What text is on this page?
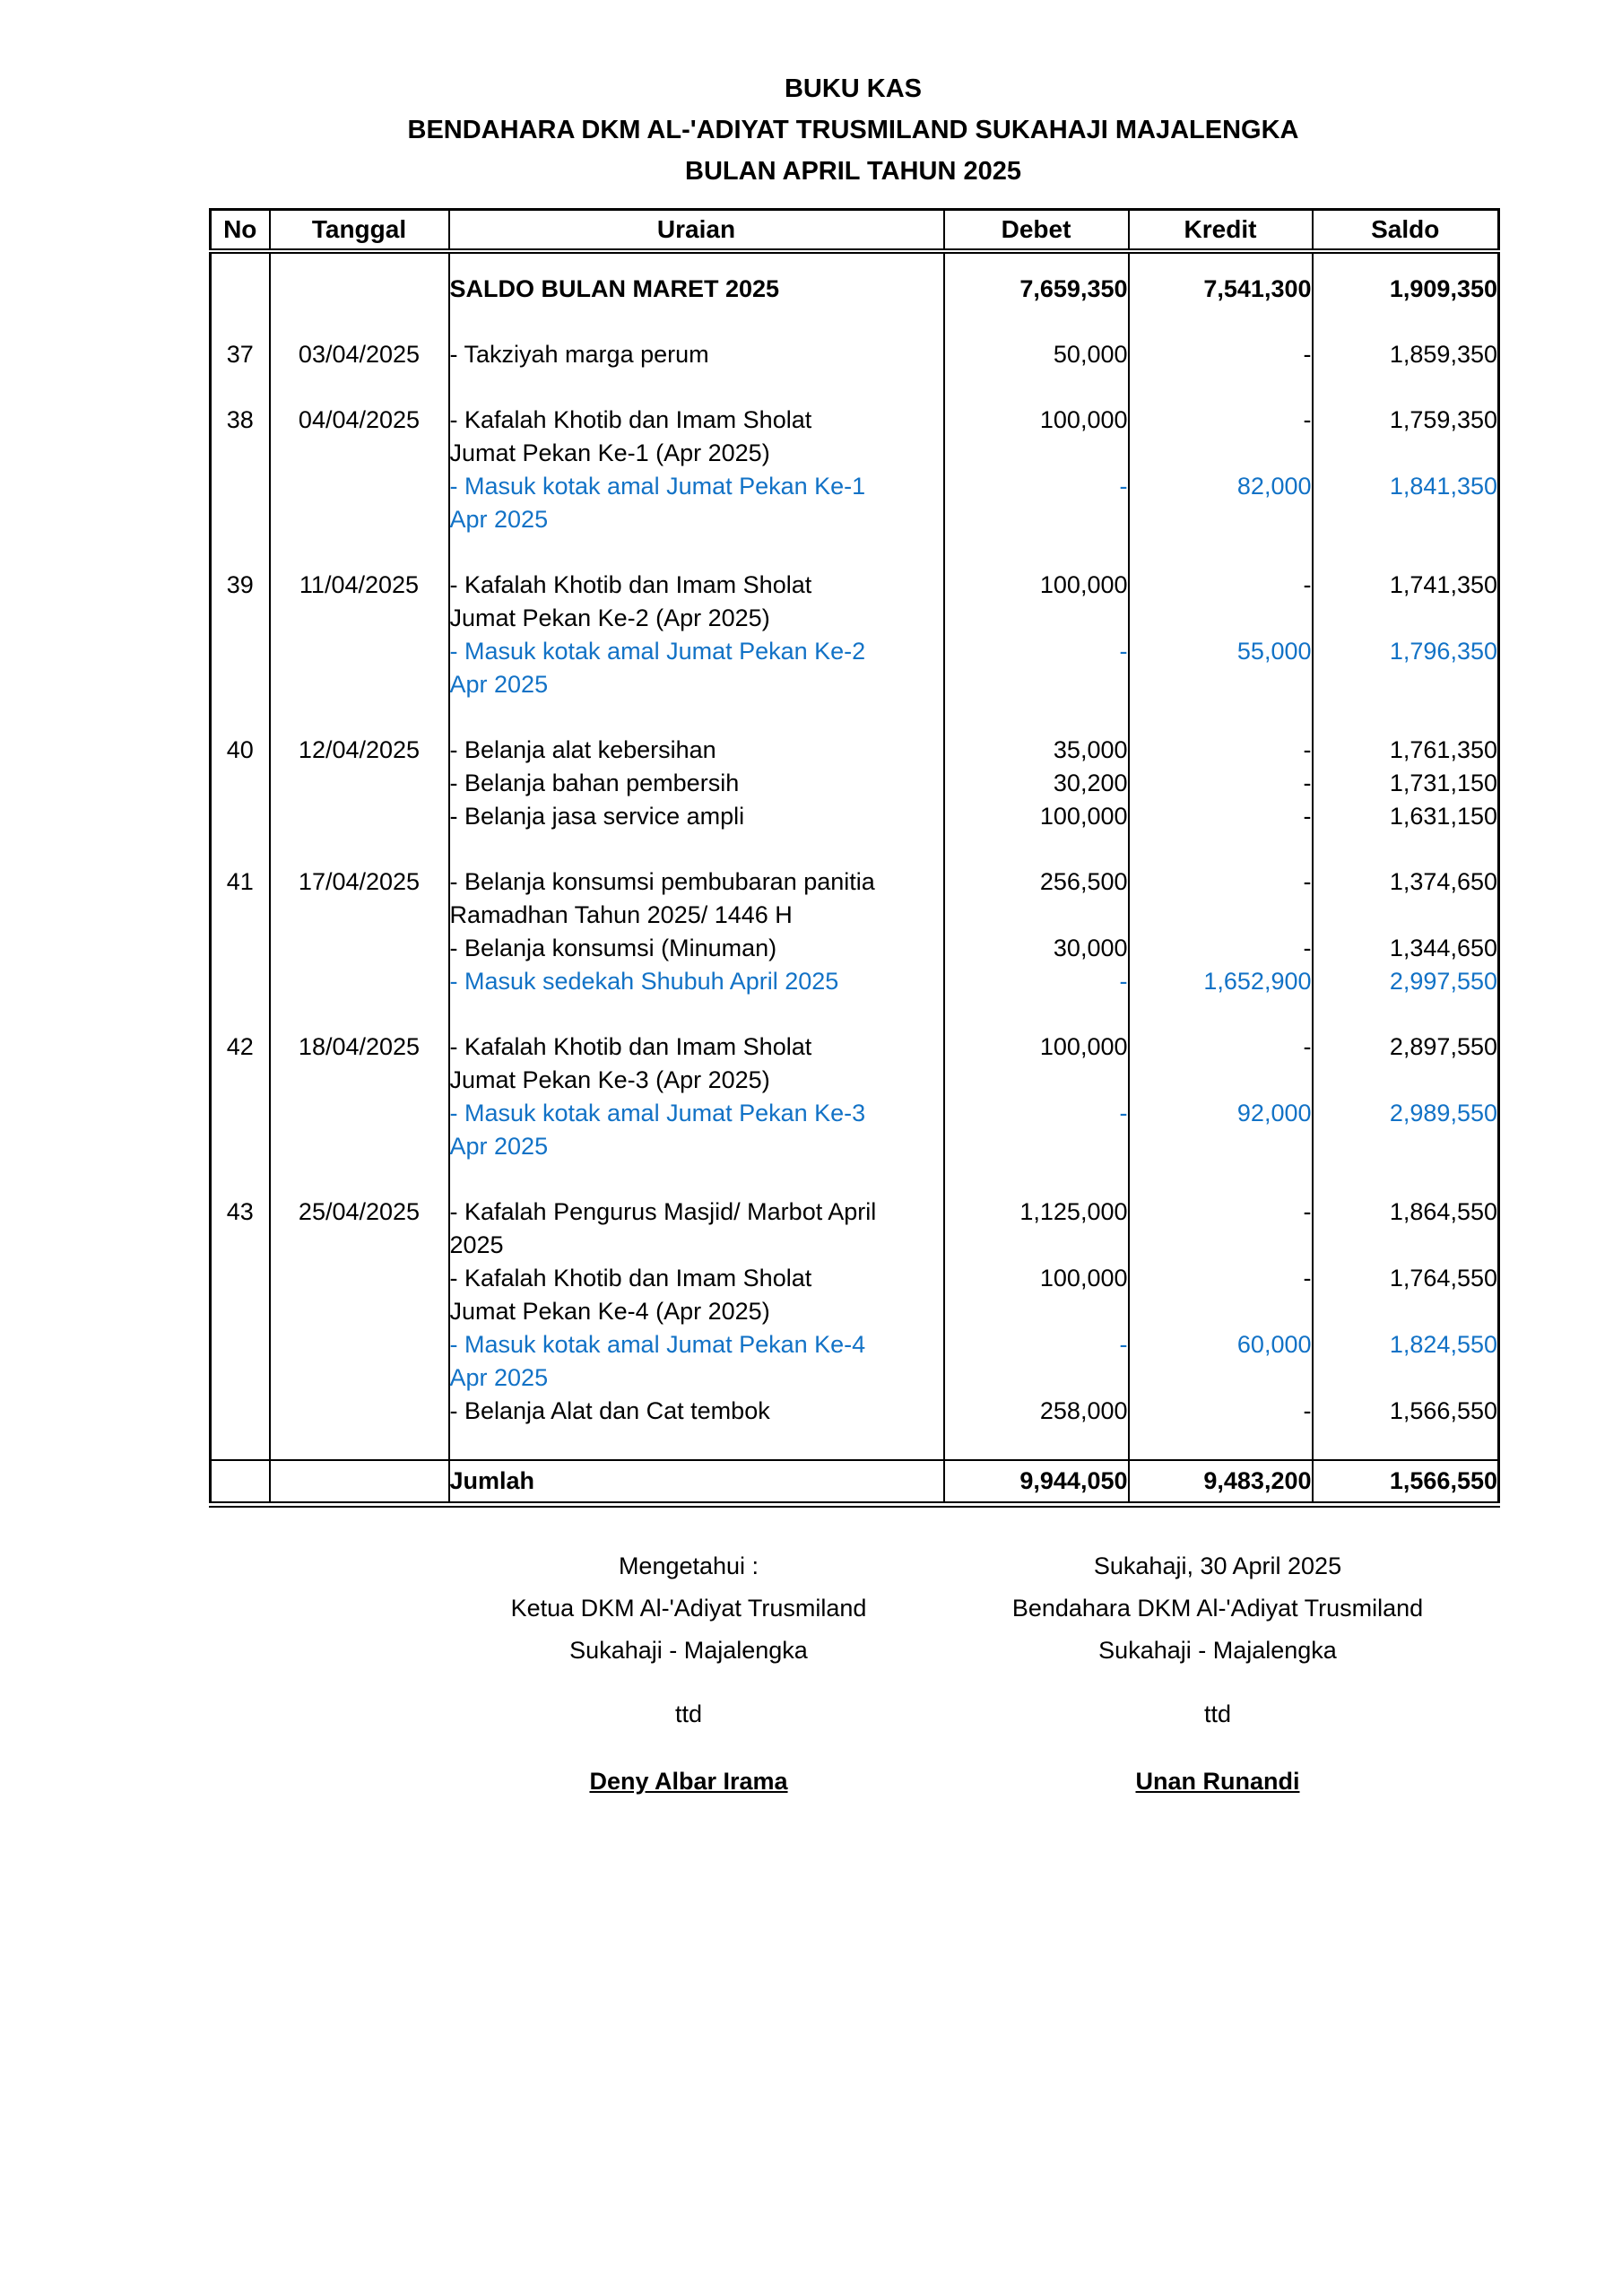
BUKU KAS
BENDAHARA DKM AL-'ADIYAT TRUSMILAND SUKAHAJI MAJALENGKA
BULAN APRIL TAHUN 2025
No	Tanggal	Uraian	Debet	Kredit	Saldo

		SALDO BULAN MARET 2025	7,659,350	7,541,300	1,909,350

37	03/04/2025	- Takziyah marga perum	50,000	-	1,859,350

38	04/04/2025	- Kafalah Khotib dan Imam Sholat
Jumat Pekan Ke-1 (Apr 2025)	100,000	-	1,759,350
		- Masuk kotak amal Jumat Pekan Ke-1
Apr 2025	-	82,000	1,841,350

39	11/04/2025	- Kafalah Khotib dan Imam Sholat
Jumat Pekan Ke-2 (Apr 2025)	100,000	-	1,741,350
		- Masuk kotak amal Jumat Pekan Ke-2
Apr 2025	-	55,000	1,796,350

40	12/04/2025	- Belanja alat kebersihan	35,000	-	1,761,350
		- Belanja bahan pembersih	30,200	-	1,731,150
		- Belanja jasa service ampli	100,000	-	1,631,150

41	17/04/2025	- Belanja konsumsi pembubaran panitia
Ramadhan Tahun 2025/ 1446 H	256,500	-	1,374,650
		- Belanja konsumsi (Minuman)	30,000	-	1,344,650
		- Masuk sedekah Shubuh April 2025	-	1,652,900	2,997,550

42	18/04/2025	- Kafalah Khotib dan Imam Sholat
Jumat Pekan Ke-3 (Apr 2025)	100,000	-	2,897,550
		- Masuk kotak amal Jumat Pekan Ke-3
Apr 2025	-	92,000	2,989,550

43	25/04/2025	- Kafalah Pengurus Masjid/ Marbot April
2025	1,125,000	-	1,864,550
		- Kafalah Khotib dan Imam Sholat
Jumat Pekan Ke-4 (Apr 2025)	100,000	-	1,764,550
		- Masuk kotak amal Jumat Pekan Ke-4
Apr 2025	-	60,000	1,824,550
		- Belanja Alat dan Cat tembok	258,000	-	1,566,550

		Jumlah	9,944,050	9,483,200	1,566,550
Mengetahui :
Ketua DKM Al-'Adiyat Trusmiland
Sukahaji - Majalengka
ttd
Deny Albar Irama
Sukahaji, 30 April 2025
Bendahara DKM Al-'Adiyat Trusmiland
Sukahaji - Majalengka
ttd
Unan Runandi
